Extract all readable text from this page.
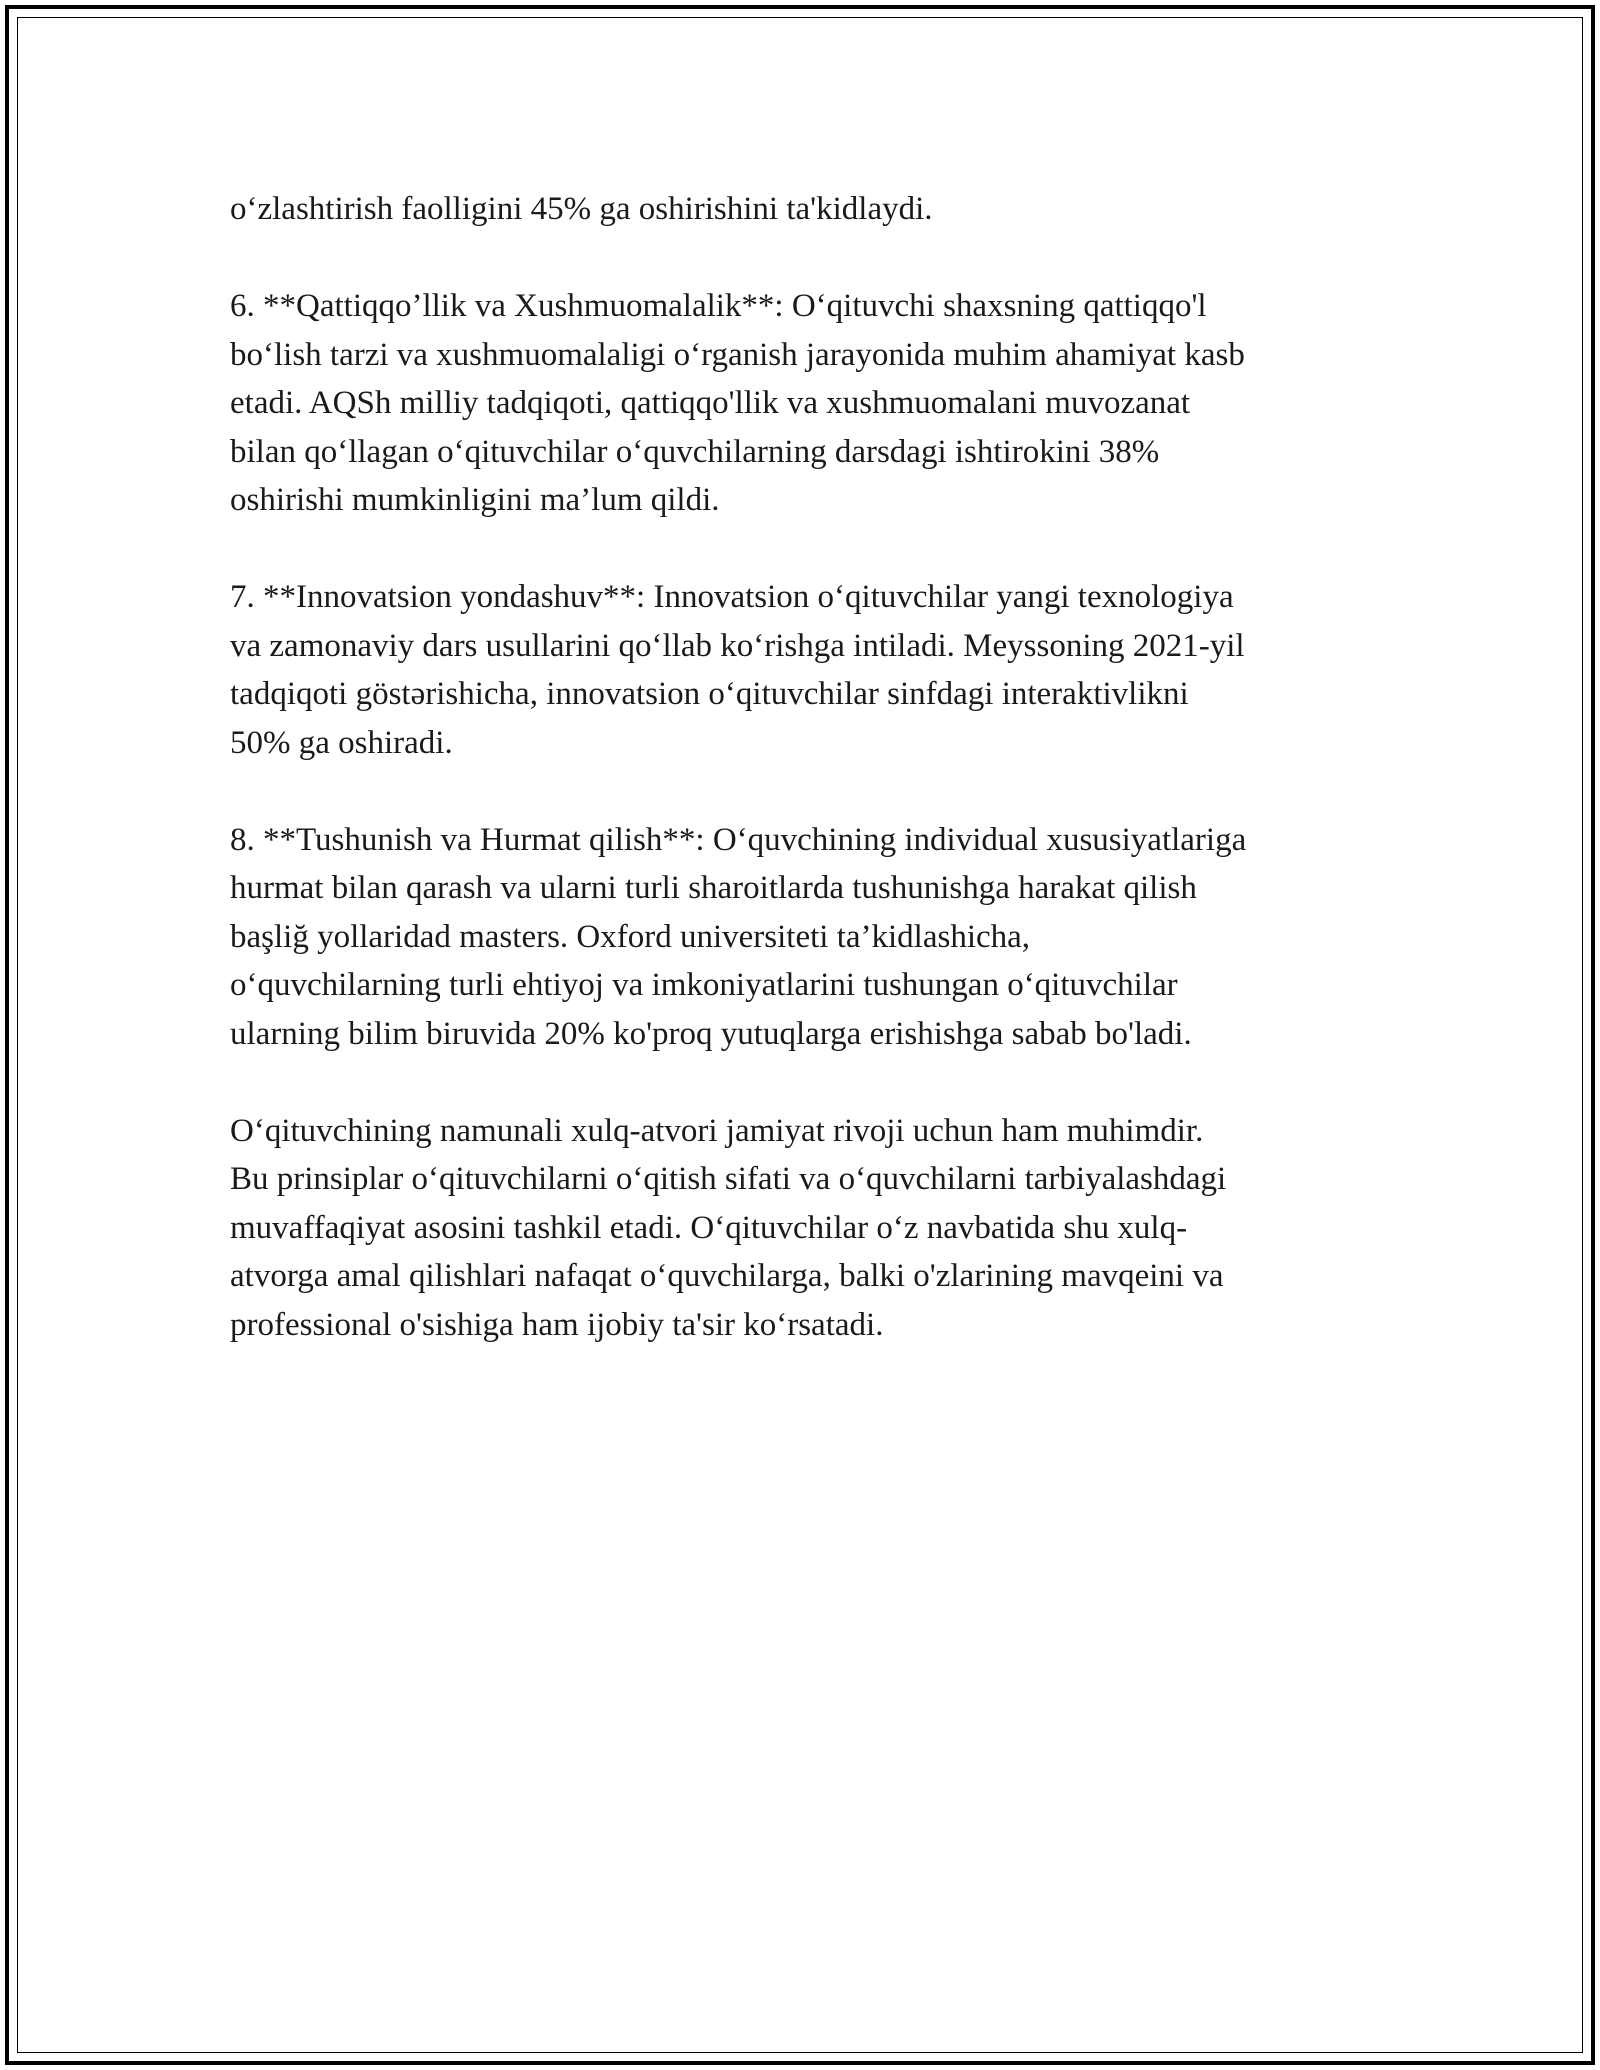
o‘zlashtirish faolligini 45% ga oshirishini ta'kidlaydi.

6. **Qattiqqo’llik va Xushmuomalalik**: O‘qituvchi shaxsning qattiqqo'l
bo‘lish tarzi va xushmuomalaligi o‘rganish jarayonida muhim ahamiyat kasb
etadi. AQSh milliy tadqiqoti, qattiqqo'llik va xushmuomalani muvozanat
bilan qo‘llagan o‘qituvchilar o‘quvchilarning darsdagi ishtirokini 38%
oshirishi mumkinligini ma’lum qildi.

7. **Innovatsion yondashuv**: Innovatsion o‘qituvchilar yangi texnologiya
va zamonaviy dars usullarini qo‘llab ko‘rishga intiladi. Meyssoning 2021-yil
tadqiqoti göstərishicha, innovatsion o‘qituvchilar sinfdagi interaktivlikni
50% ga oshiradi.

8. **Tushunish va Hurmat qilish**: O‘quvchining individual xususiyatlariga
hurmat bilan qarash va ularni turli sharoitlarda tushunishga harakat qilish
başliğ yollaridad masters. Oxford universiteti ta’kidlashicha,
o‘quvchilarning turli ehtiyoj va imkoniyatlarini tushungan o‘qituvchilar
ularning bilim biruvida 20% ko'proq yutuqlarga erishishga sabab bo'ladi.

O‘qituvchining namunali xulq-atvori jamiyat rivoji uchun ham muhimdir.
Bu prinsiplar o‘qituvchilarni o‘qitish sifati va o‘quvchilarni tarbiyalashdagi
muvaffaqiyat asosini tashkil etadi. O‘qituvchilar o‘z navbatida shu xulq-
atvorga amal qilishlari nafaqat o‘quvchilarga, balki o'zlarining mavqeini va
professional o'sishiga ham ijobiy ta'sir ko‘rsatadi.
